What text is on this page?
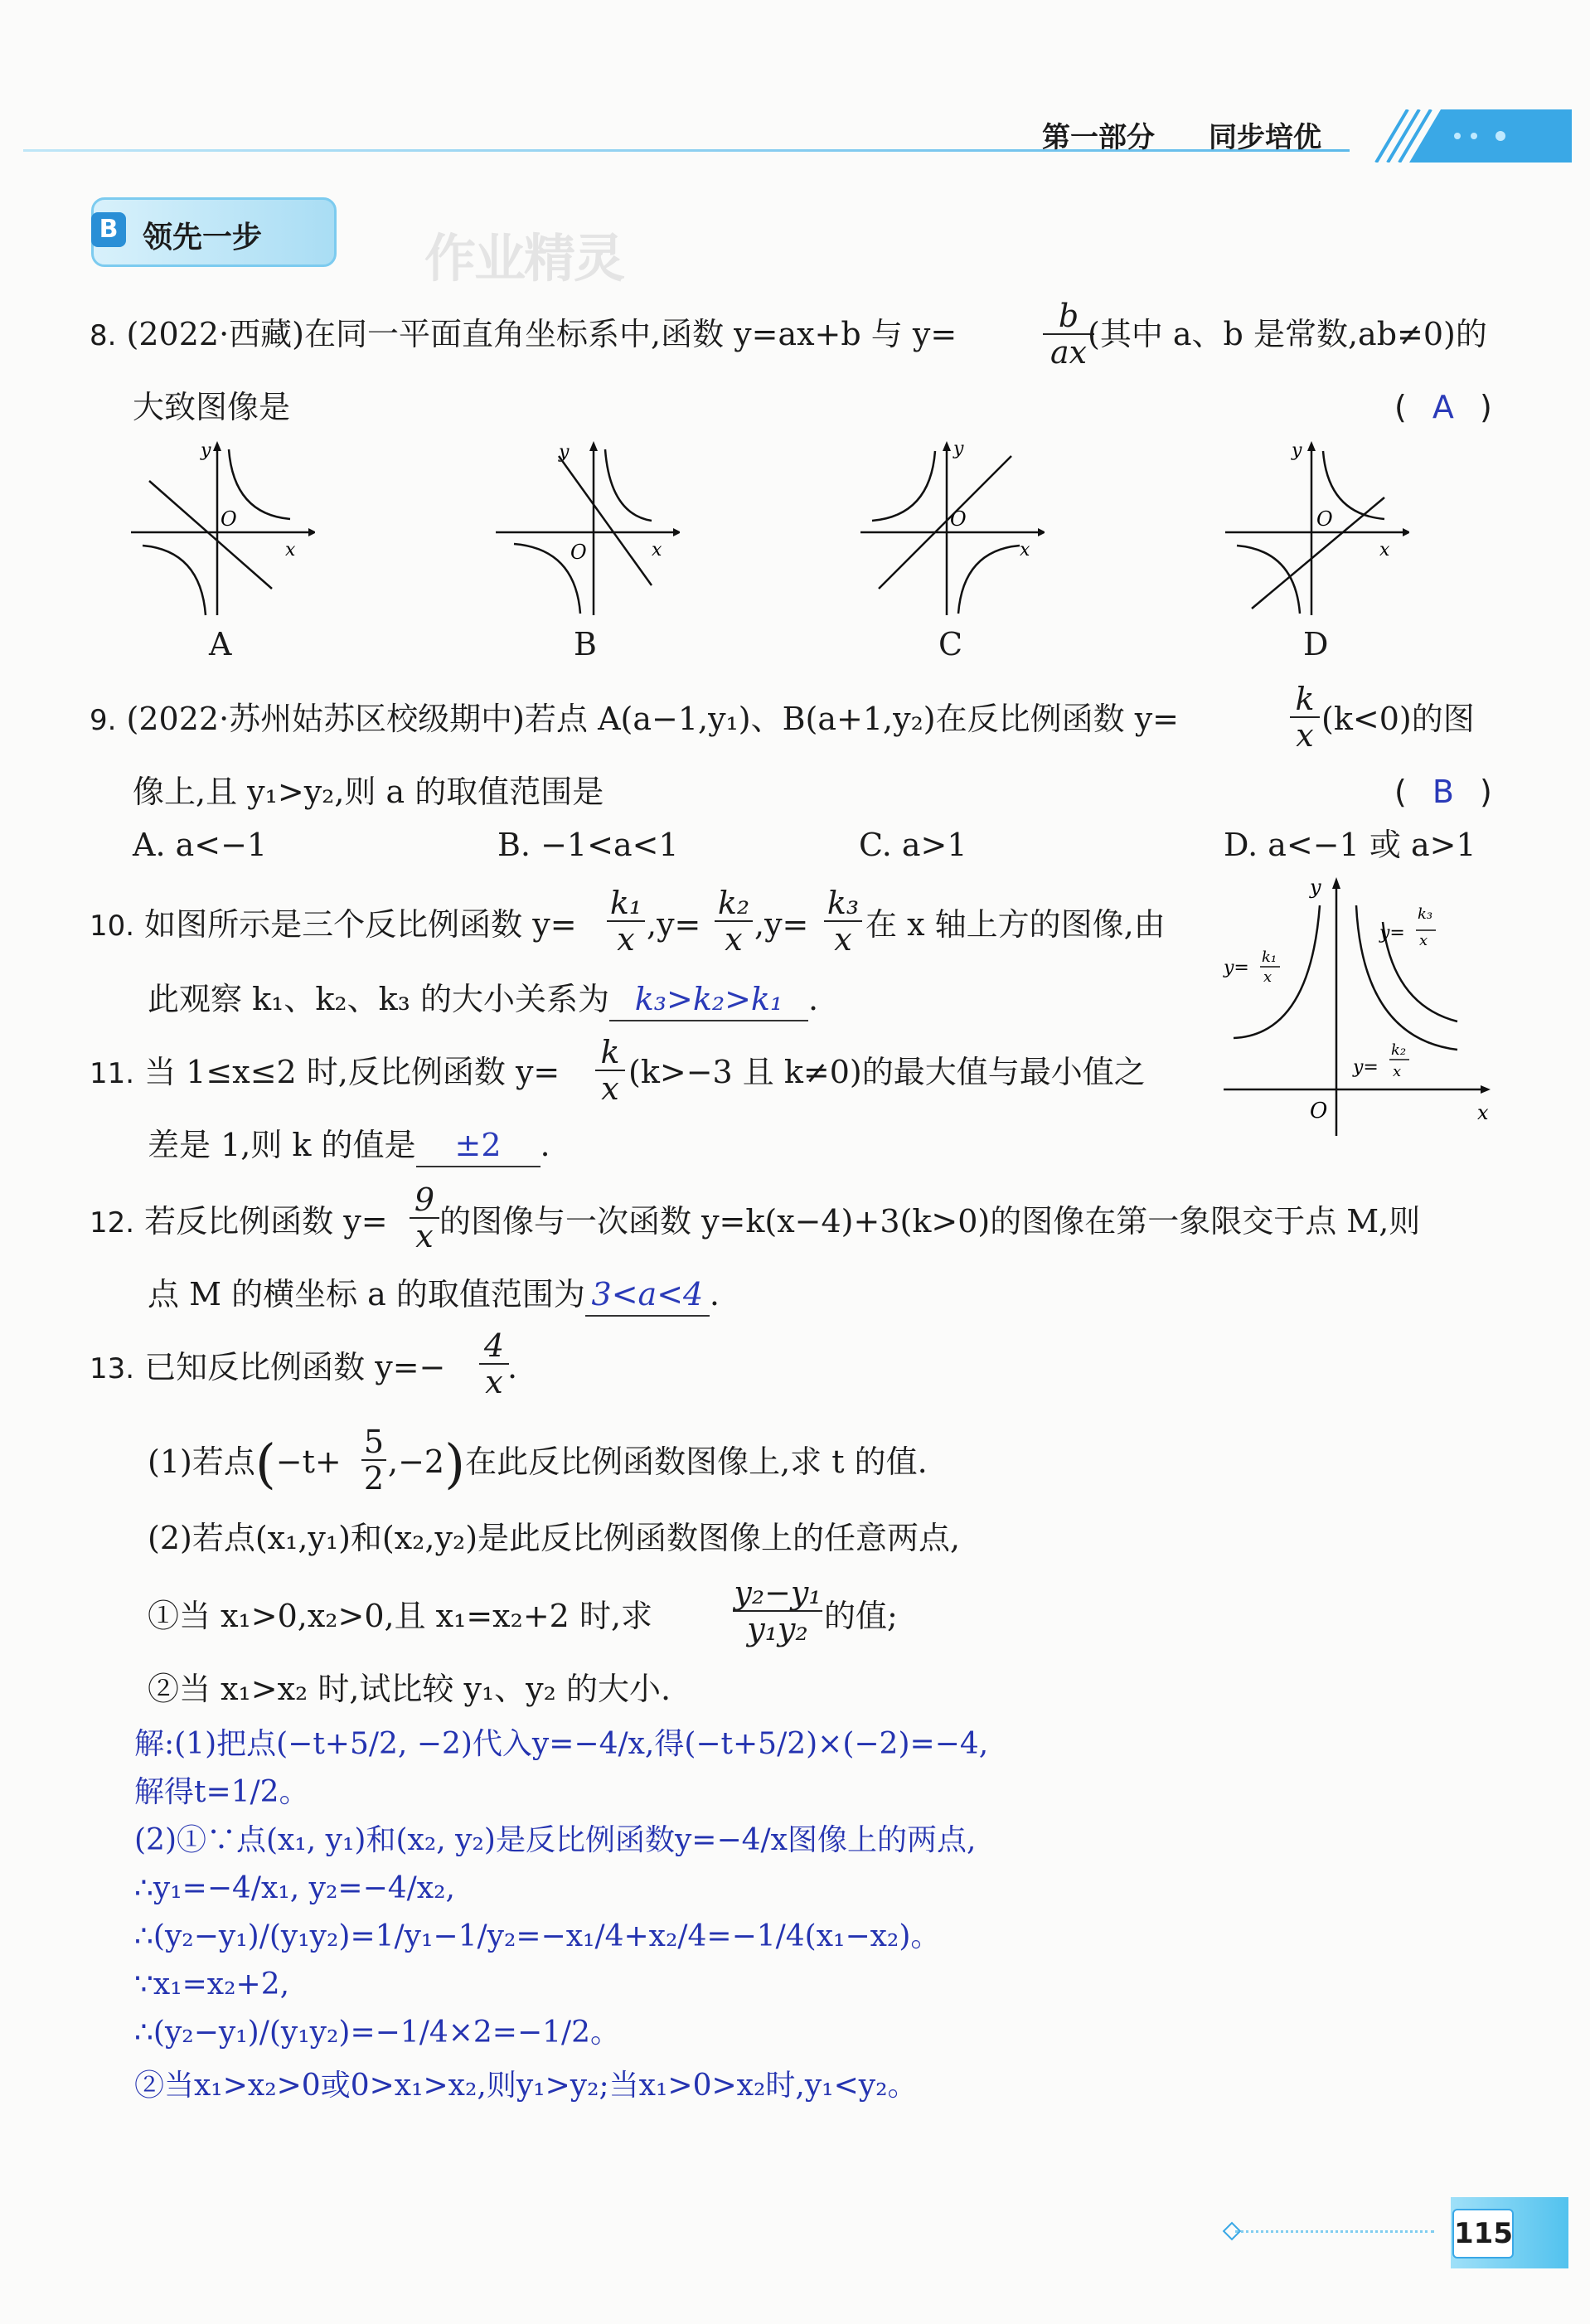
第一部分 同步培优
B 领先一步	作业精灵
8. (2022·西藏)在同一平面直角坐标系中,函数 y=ax+b 与 y=	b
ax (其中 a、b 是常数,ab≠0)的
大致图像是	( A )
y
x
O
y
x
O
y
x
O
y
x
O
A	B	C	D
9. (2022·苏州姑苏区校级期中)若点 A(a−1,y₁)、B(a+1,y₂)在反比例函数 y=
k
x (k<0)的图
像上,且 y₁>y₂,则 a 的取值范围是	( B )
A. a<−1	B. −1<a<1	C. a>1	D. a<−1 或 a>1
10. 如图所示是三个反比例函数 y=
k₁
x ,y=
k₂
x ,y=
k₃
x 在 x 轴上方的图像,由
此观察 k₁、k₂、k₃ 的大小关系为 k₃>k₂>k₁ .
y
x
O
y=
k₁
x
y=
k₃
x
y=
k₂
x
11. 当 1≤x≤2 时,反比例函数 y=
k
x (k>−3 且 k≠0)的最大值与最小值之
差是 1,则 k 的值是 ±2 .
12. 若反比例函数 y=
9
x 的图像与一次函数 y=k(x−4)+3(k>0)的图像在第一象限交于点 M,则
点 M 的横坐标 a 的取值范围为 3<a<4 .
13. 已知反比例函数 y=−
4
x .
(1)若点(−t+
5
2 ,−2)在此反比例函数图像上,求 t 的值.
(2)若点(x₁,y₁)和(x₂,y₂)是此反比例函数图像上的任意两点,
①当 x₁>0,x₂>0,且 x₁=x₂+2 时,求
y₂−y₁
y₁y₂ 的值;
②当 x₁>x₂ 时,试比较 y₁、y₂ 的大小.
解:(1)把点(−t+5/2, −2)代入y=−4/x,得(−t+5/2)×(−2)=−4,
解得t=1/2。
(2)①∵点(x₁, y₁)和(x₂, y₂)是反比例函数y=−4/x图像上的两点,
∴y₁=−4/x₁, y₂=−4/x₂,
∴(y₂−y₁)/(y₁y₂)=1/y₁−1/y₂=−x₁/4+x₂/4=−1/4(x₁−x₂)。
∵x₁=x₂+2,
∴(y₂−y₁)/(y₁y₂)=−1/4×2=−1/2。
②当x₁>x₂>0或0>x₁>x₂,则y₁>y₂;当x₁>0>x₂时,y₁<y₂。
115
